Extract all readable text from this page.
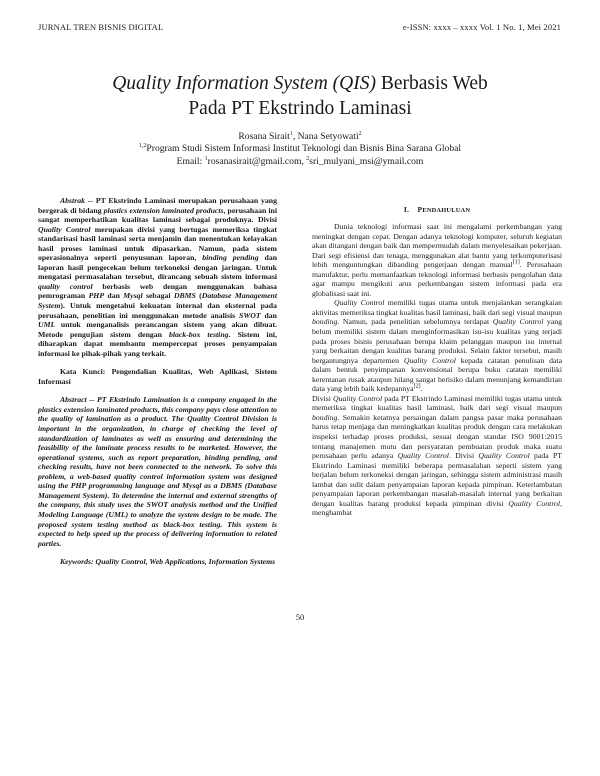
JURNAL TREN BISNIS DIGITAL	e-ISSN: xxxx – xxxx Vol. 1 No. 1, Mei 2021
Quality Information System (QIS) Berbasis Web
Pada PT Ekstrindo Laminasi
Rosana Sirait$^1$, Nana Setyowati$^2$
$^{1,2}$Program Studi Sistem Informasi Institut Teknologi dan Bisnis Bina Sarana Global
Email: $^1$rosanasirait@gmail.com, $^2$sri_mulyani_msi@ymail.com

Abstrak -- PT Ekstrindo Laminasi merupakan perusahaan yang bergerak di bidang plastics extension laminated products, perusahaan ini sangat memperhatikan kualitas laminasi sebagai produknya. Divisi Quality Control merupakan divisi yang bertugas memeriksa tingkat standarisasi hasil laminasi serta menjamin dan menentukan kelayakan hasil proses laminasi untuk dipasarkan. Namun, pada sistem operasionalnya seperti penyusunan laporan, binding pending dan laporan hasil pengecekan belum terkoneksi dengan jaringan. Untuk mengatasi permasalahan tersebut, dirancang sebuah sistem informasi quality control berbasis web dengan menggunakan bahasa pemrograman PHP dan Mysql sebagai DBMS (Database Management System). Untuk mengetahui kekuatan internal dan eksternal pada perusahaan, penelitian ini menggunakan metode analisis SWOT dan UML untuk menganalisis perancangan sistem yang akan dibuat. Metode pengujian sistem dengan black-box testing. Sistem ini, diharapkan dapat membantu mempercepat proses penyampaian informasi ke pihak-pihak yang terkait.

Kata Kunci: Pengendalian Kualitas, Web Aplikasi, Sistem Informasi

Abstract -- PT Ekstrindo Lamination is a company engaged in the plastics extension laminated products, this company pays close attention to the quality of lamination as a product. The Quality Control Division is important in the organization, in charge of checking the level of standardization of laminates as well as ensuring and determining the feasibility of the laminate process results to be marketed. However, the operational systems, such as report preparation, binding pending, and checking results, have not been connected to the network. To solve this problem, a web-based quality control information system was designed using the PHP programming language and Mysql as a DBMS (Database Management System). To determine the internal and external strengths of the company, this study uses the SWOT analysis method and the Unified Modeling Language (UML) to analyze the system design to be made. The proposed system testing method as black-box testing. This system is expected to help speed up the process of delivering information to related parties.

Keywords: Quality Control, Web Applications, Information Systems

I. PENDAHULUAN

Dunia teknologi informasi saat ini mengalami perkembangan yang meningkat dengan cepat. Dengan adanya teknologi komputer, seluruh kegiatan akan ditangani dengan baik dan mempermudah dalam menyelesaikan pekerjaan. Dari segi efisiensi dan tenaga, menggunakan alat bantu yang terkomputerisasi lebih menguntungkan dibanding pengerjaan dengan manual[1]. Perusahaan manufaktur, perlu memanfaatkan teknologi informasi berbasis pengolahan data agar mampu mengikuti arus perkembangan sistem informasi pada era globalisasi saat ini.

Quality Control memiliki tugas utama untuk menjalankan serangkaian aktivitas memeriksa tingkat kualitas hasil laminasi, baik dari segi visual maupun bonding. Namun, pada penelitian sebelumnya terdapat Quality Control yang belum memiliki sistem dalam menginformasikan isu-isu kualitas yang terjadi pada proses bisnis perusahaan berupa klaim pelanggan maupun isu internal yang berkaitan dengan kualitas barang produksi. Selain faktor tersebut, masih bergantungnya departemen Quality Control kepada catatan penulisan data dalam bentuk penyimpanan konvensional berupa buku catatan memiliki kerentanan rusak ataupun hilang sangat berisiko dalam menunjang kemandirian data yang lebih baik kedepannya[2].

Divisi Quality Control pada PT Ekstrindo Laminasi memiliki tugas utama untuk memeriksa tingkat kualitas hasil laminasi, baik dari segi visual maupun bonding. Semakin ketatnya persaingan dalam pangsa pasar maka perusahaan harus tetap menjaga dan meningkatkan kualitas produk dengan cara melakukan inspeksi terhadap proses produksi, sesuai dengan standar ISO 9001:2015 tentang manajemen mutu dan persyaratan pembuatan produk maka suatu perusahaan perlu adanya Quality Control. Divisi Quality Control pada PT Ekstrindo Laminasi memiliki beberapa permasalahan seperti sistem yang berjalan belum terkoneksi dengan jaringan, sehingga sistem administrasi masih lambat dan sulit dalam penyampaian laporan kepada pimpinan. Keterlambatan penyampaian laporan perkembangan masalah-masalah internal yang berkaitan dengan kualitas barang produksi kepada pimpinan divisi Quality Control, menghambat

50
